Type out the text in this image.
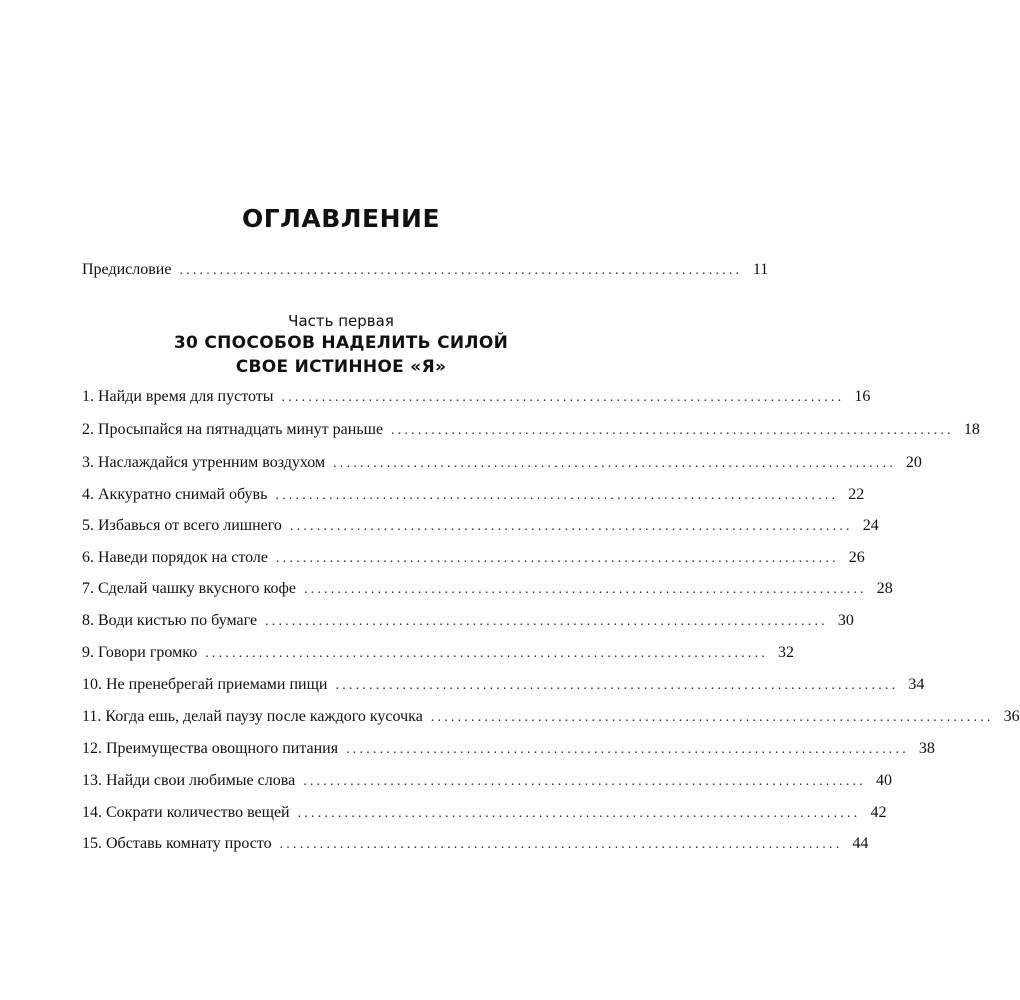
ОГЛАВЛЕНИЕ
Предисловие .................................................................................... 11
Часть первая
30 СПОСОБОВ НАДЕЛИТЬ СИЛОЙ
СВОЕ ИСТИННОЕ «Я»
1. Найди время для пустоты .................................................................................... 16
2. Просыпайся на пятнадцать минут раньше .................................................................................... 18
3. Наслаждайся утренним воздухом .................................................................................... 20
4. Аккуратно снимай обувь .................................................................................... 22
5. Избавься от всего лишнего .................................................................................... 24
6. Наведи порядок на столе .................................................................................... 26
7. Сделай чашку вкусного кофе .................................................................................... 28
8. Води кистью по бумаге .................................................................................... 30
9. Говори громко .................................................................................... 32
10. Не пренебрегай приемами пищи .................................................................................... 34
11. Когда ешь, делай паузу после каждого кусочка .................................................................................... 36
12. Преимущества овощного питания .................................................................................... 38
13. Найди свои любимые слова .................................................................................... 40
14. Сократи количество вещей .................................................................................... 42
15. Обставь комнату просто .................................................................................... 44
